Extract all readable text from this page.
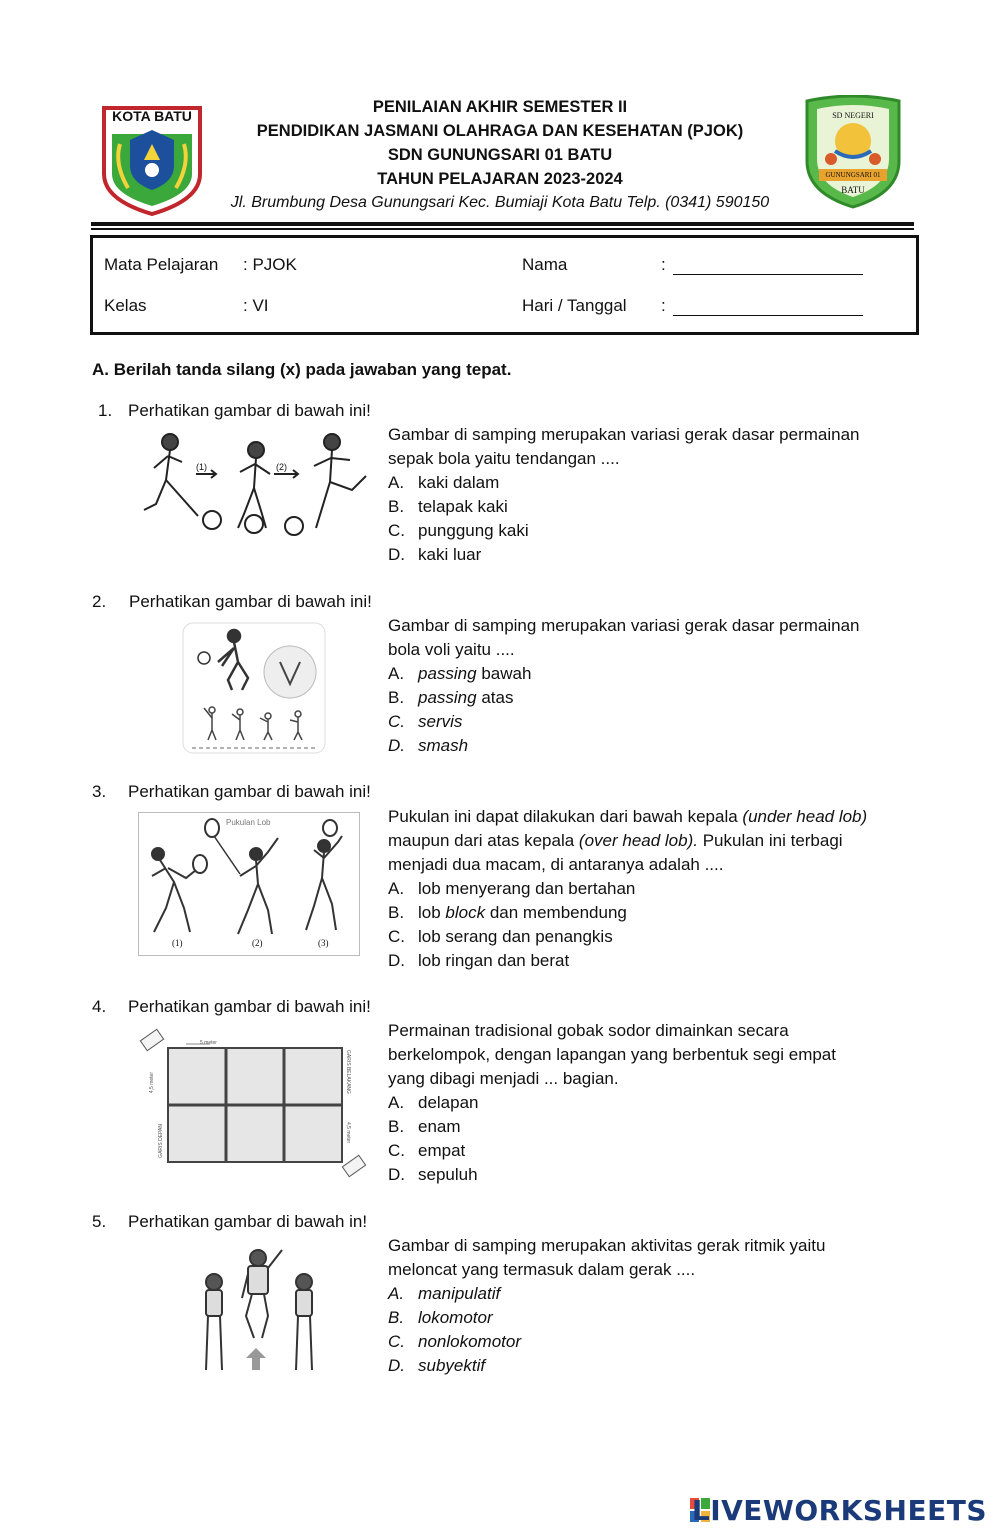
KOTA BATU	SD NEGERI
GUNUNGSARI 01
BATU
PENILAIAN AKHIR SEMESTER II
PENDIDIKAN JASMANI OLAHRAGA DAN KESEHATAN (PJOK)
SDN GUNUNGSARI 01 BATU
TAHUN PELAJARAN 2023-2024
Jl. Brumbung Desa Gunungsari Kec. Bumiaji Kota Batu Telp. (0341) 590150
Mata Pelajaran : PJOK
Kelas	: VI
Nama	:
Hari / Tanggal :
A. Berilah tanda silang (x) pada jawaban yang tepat.
1. Perhatikan gambar di bawah ini!
(1)	(2)
Gambar di samping merupakan variasi gerak dasar permainan
sepak bola yaitu tendangan ....
A. kaki dalam
B. telapak kaki
C. punggung kaki
D. kaki luar
2. Perhatikan gambar di bawah ini!
Gambar di samping merupakan variasi gerak dasar permainan
bola voli yaitu ....
A. passing bawah
B. passing atas
C. servis
D. smash
3. Perhatikan gambar di bawah ini!
Pukulan Lob
(1)	(2)	(3)
Pukulan ini dapat dilakukan dari bawah kepala (under head lob)
maupun dari atas kepala (over head lob). Pukulan ini terbagi
menjadi dua macam, di antaranya adalah ....
A. lob menyerang dan bertahan
B. lob block dan membendung
C. lob serang dan penangkis
D. lob ringan dan berat
4. Perhatikan gambar di bawah ini!
5 meter
4,5 meter
GARIS DEPAN
GARIS BELAKANG
4,5 meter
Permainan tradisional gobak sodor dimainkan secara
berkelompok, dengan lapangan yang berbentuk segi empat
yang dibagi menjadi ... bagian.
A. delapan
B. enam
C. empat
D. sepuluh
5. Perhatikan gambar di bawah in!
Gambar di samping merupakan aktivitas gerak ritmik yaitu
meloncat yang termasuk dalam gerak ....
A. manipulatif
B. lokomotor
C. nonlokomotor
D. subyektif
LIVEWORKSHEETS
